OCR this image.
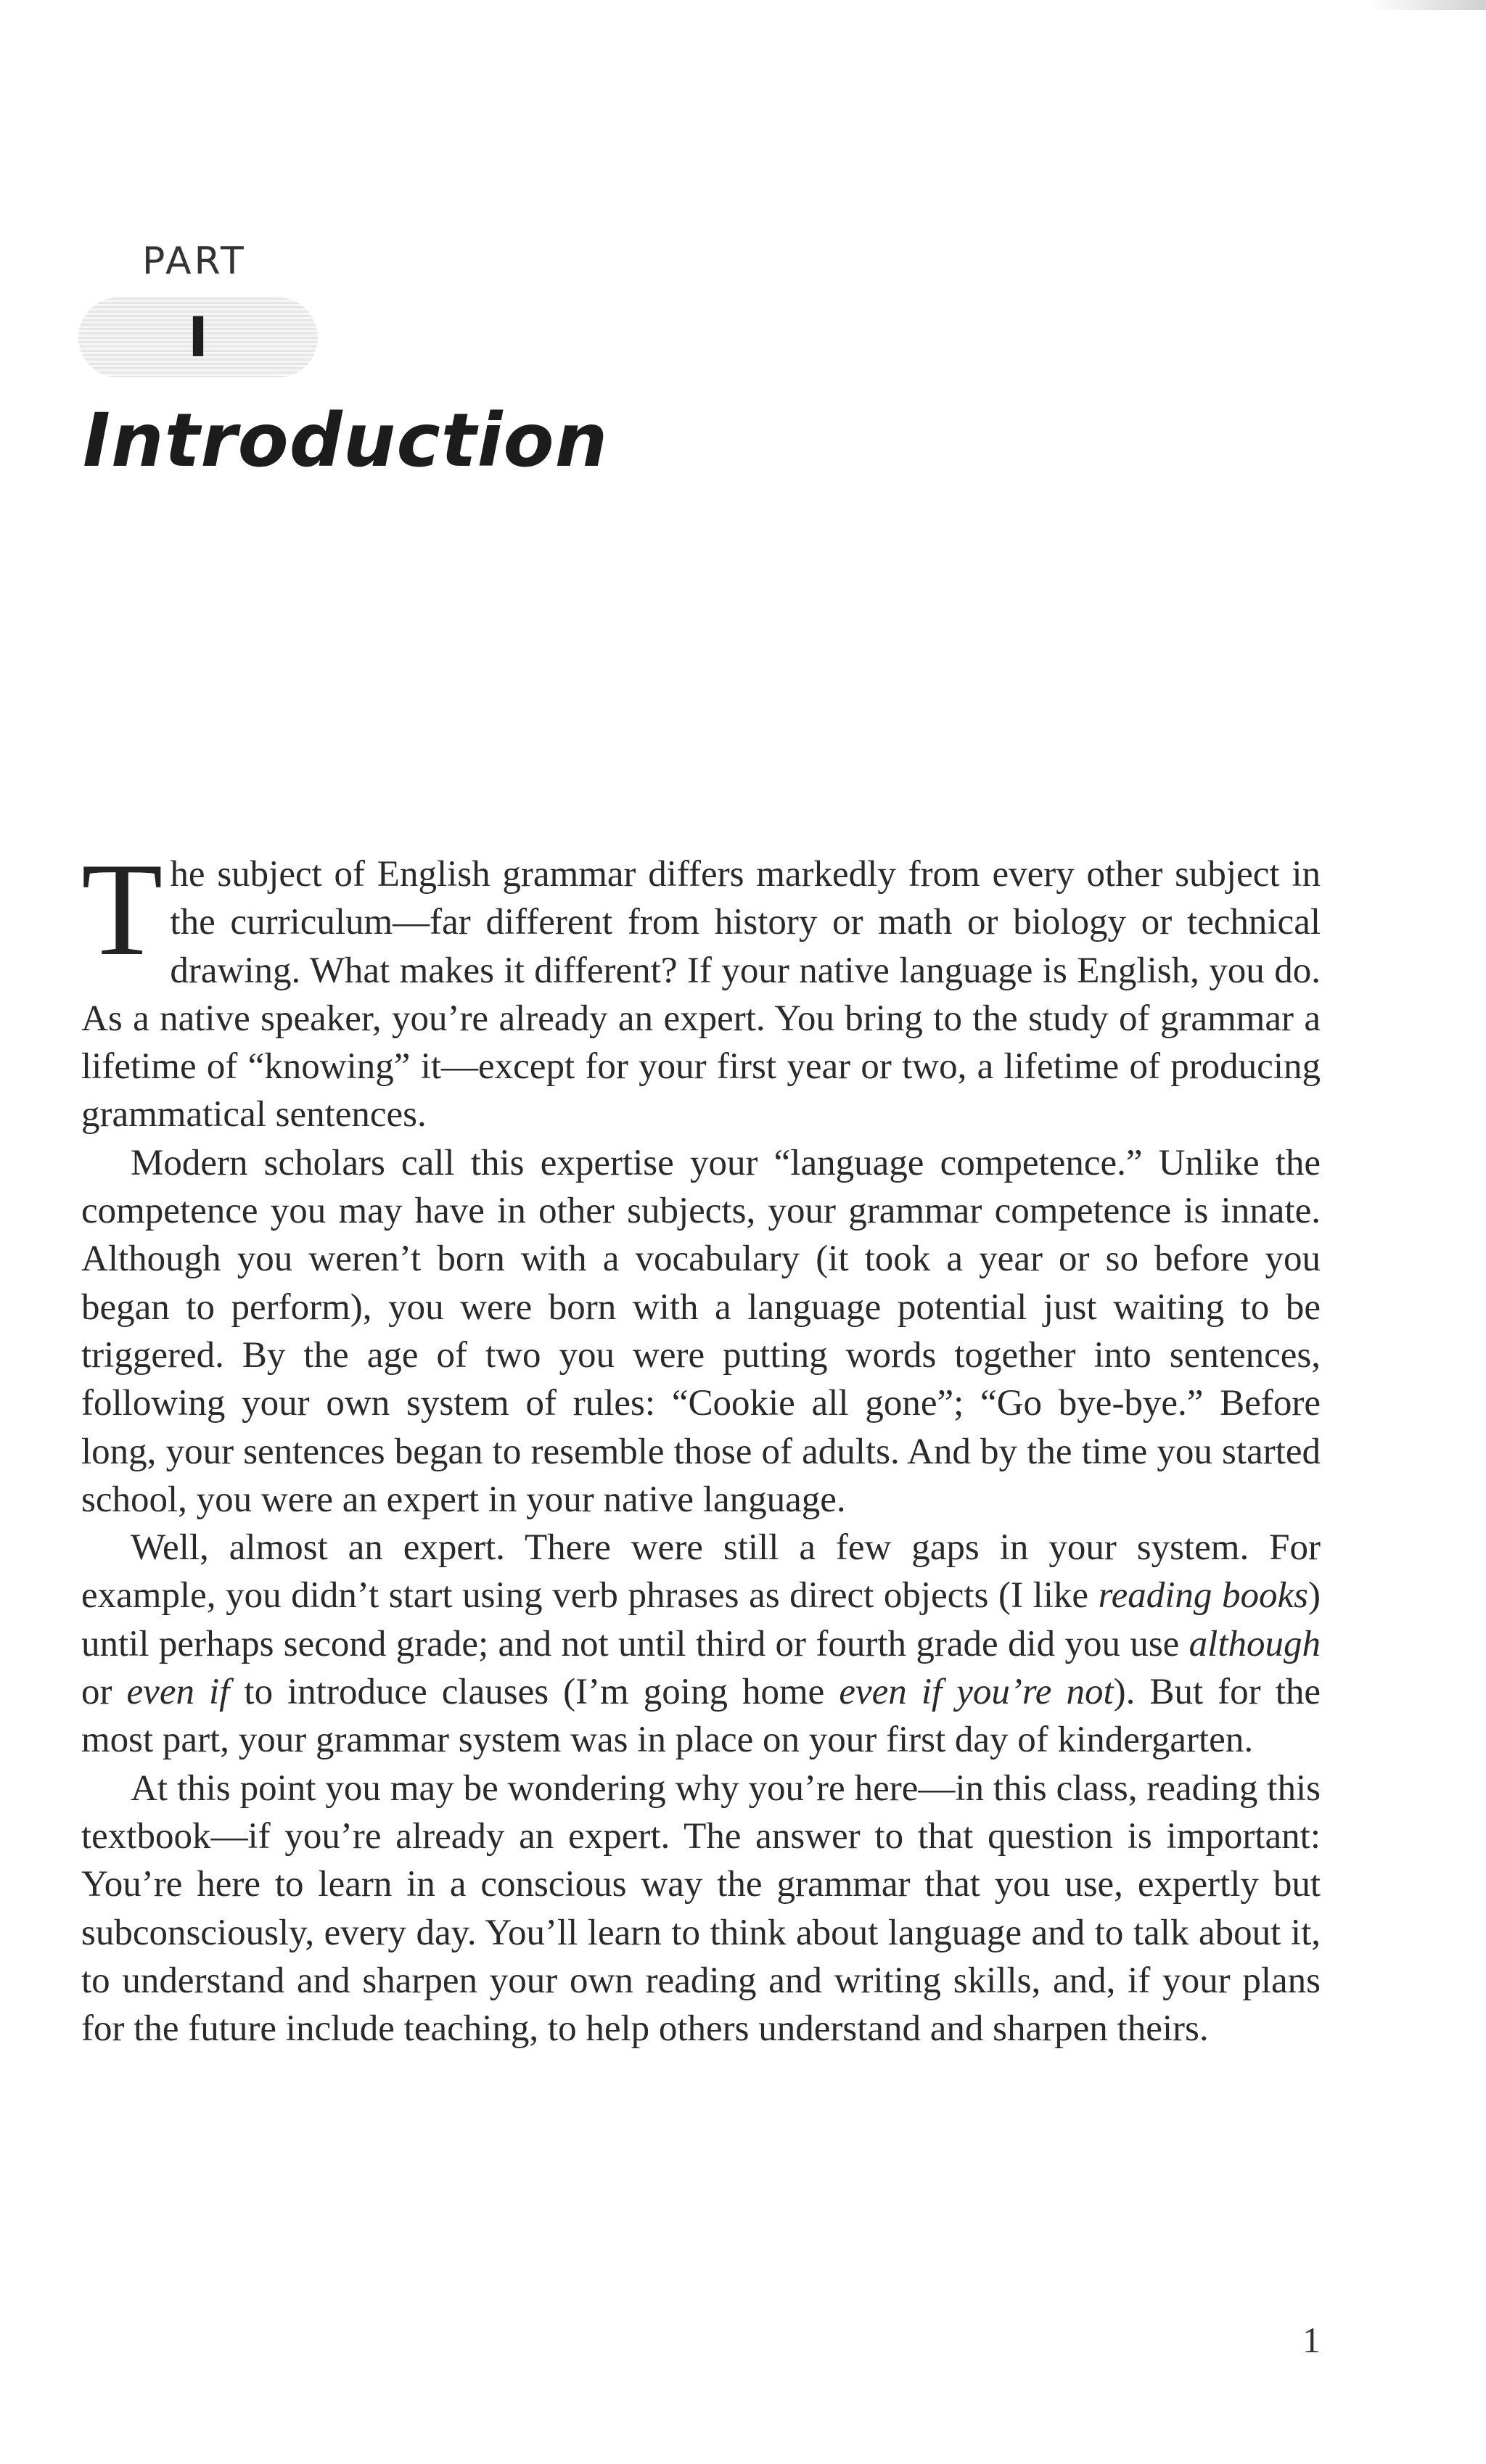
PART
I
Introduction

The subject of English grammar differs markedly from every other subject in the curriculum—far different from history or math or biology or technical drawing. What makes it different? If your native language is English, you do. As a native speaker, you’re already an expert. You bring to the study of grammar a lifetime of “knowing” it—except for your first year or two, a lifetime of producing grammatical sentences.

Modern scholars call this expertise your “language competence.” Unlike the competence you may have in other subjects, your grammar competence is innate. Although you weren’t born with a vocabulary (it took a year or so before you began to perform), you were born with a language potential just waiting to be triggered. By the age of two you were putting words together into sentences, following your own system of rules: “Cookie all gone”; “Go bye-bye.” Before long, your sentences began to resemble those of adults. And by the time you started school, you were an expert in your native language.

Well, almost an expert. There were still a few gaps in your system. For example, you didn’t start using verb phrases as direct objects (I like reading books) until perhaps second grade; and not until third or fourth grade did you use although or even if to introduce clauses (I’m going home even if you’re not). But for the most part, your grammar system was in place on your first day of kindergarten.

At this point you may be wondering why you’re here—in this class, reading this textbook—if you’re already an expert. The answer to that question is important: You’re here to learn in a conscious way the grammar that you use, expertly but subconsciously, every day. You’ll learn to think about language and to talk about it, to understand and sharpen your own reading and writing skills, and, if your plans for the future include teaching, to help others understand and sharpen theirs.

1
